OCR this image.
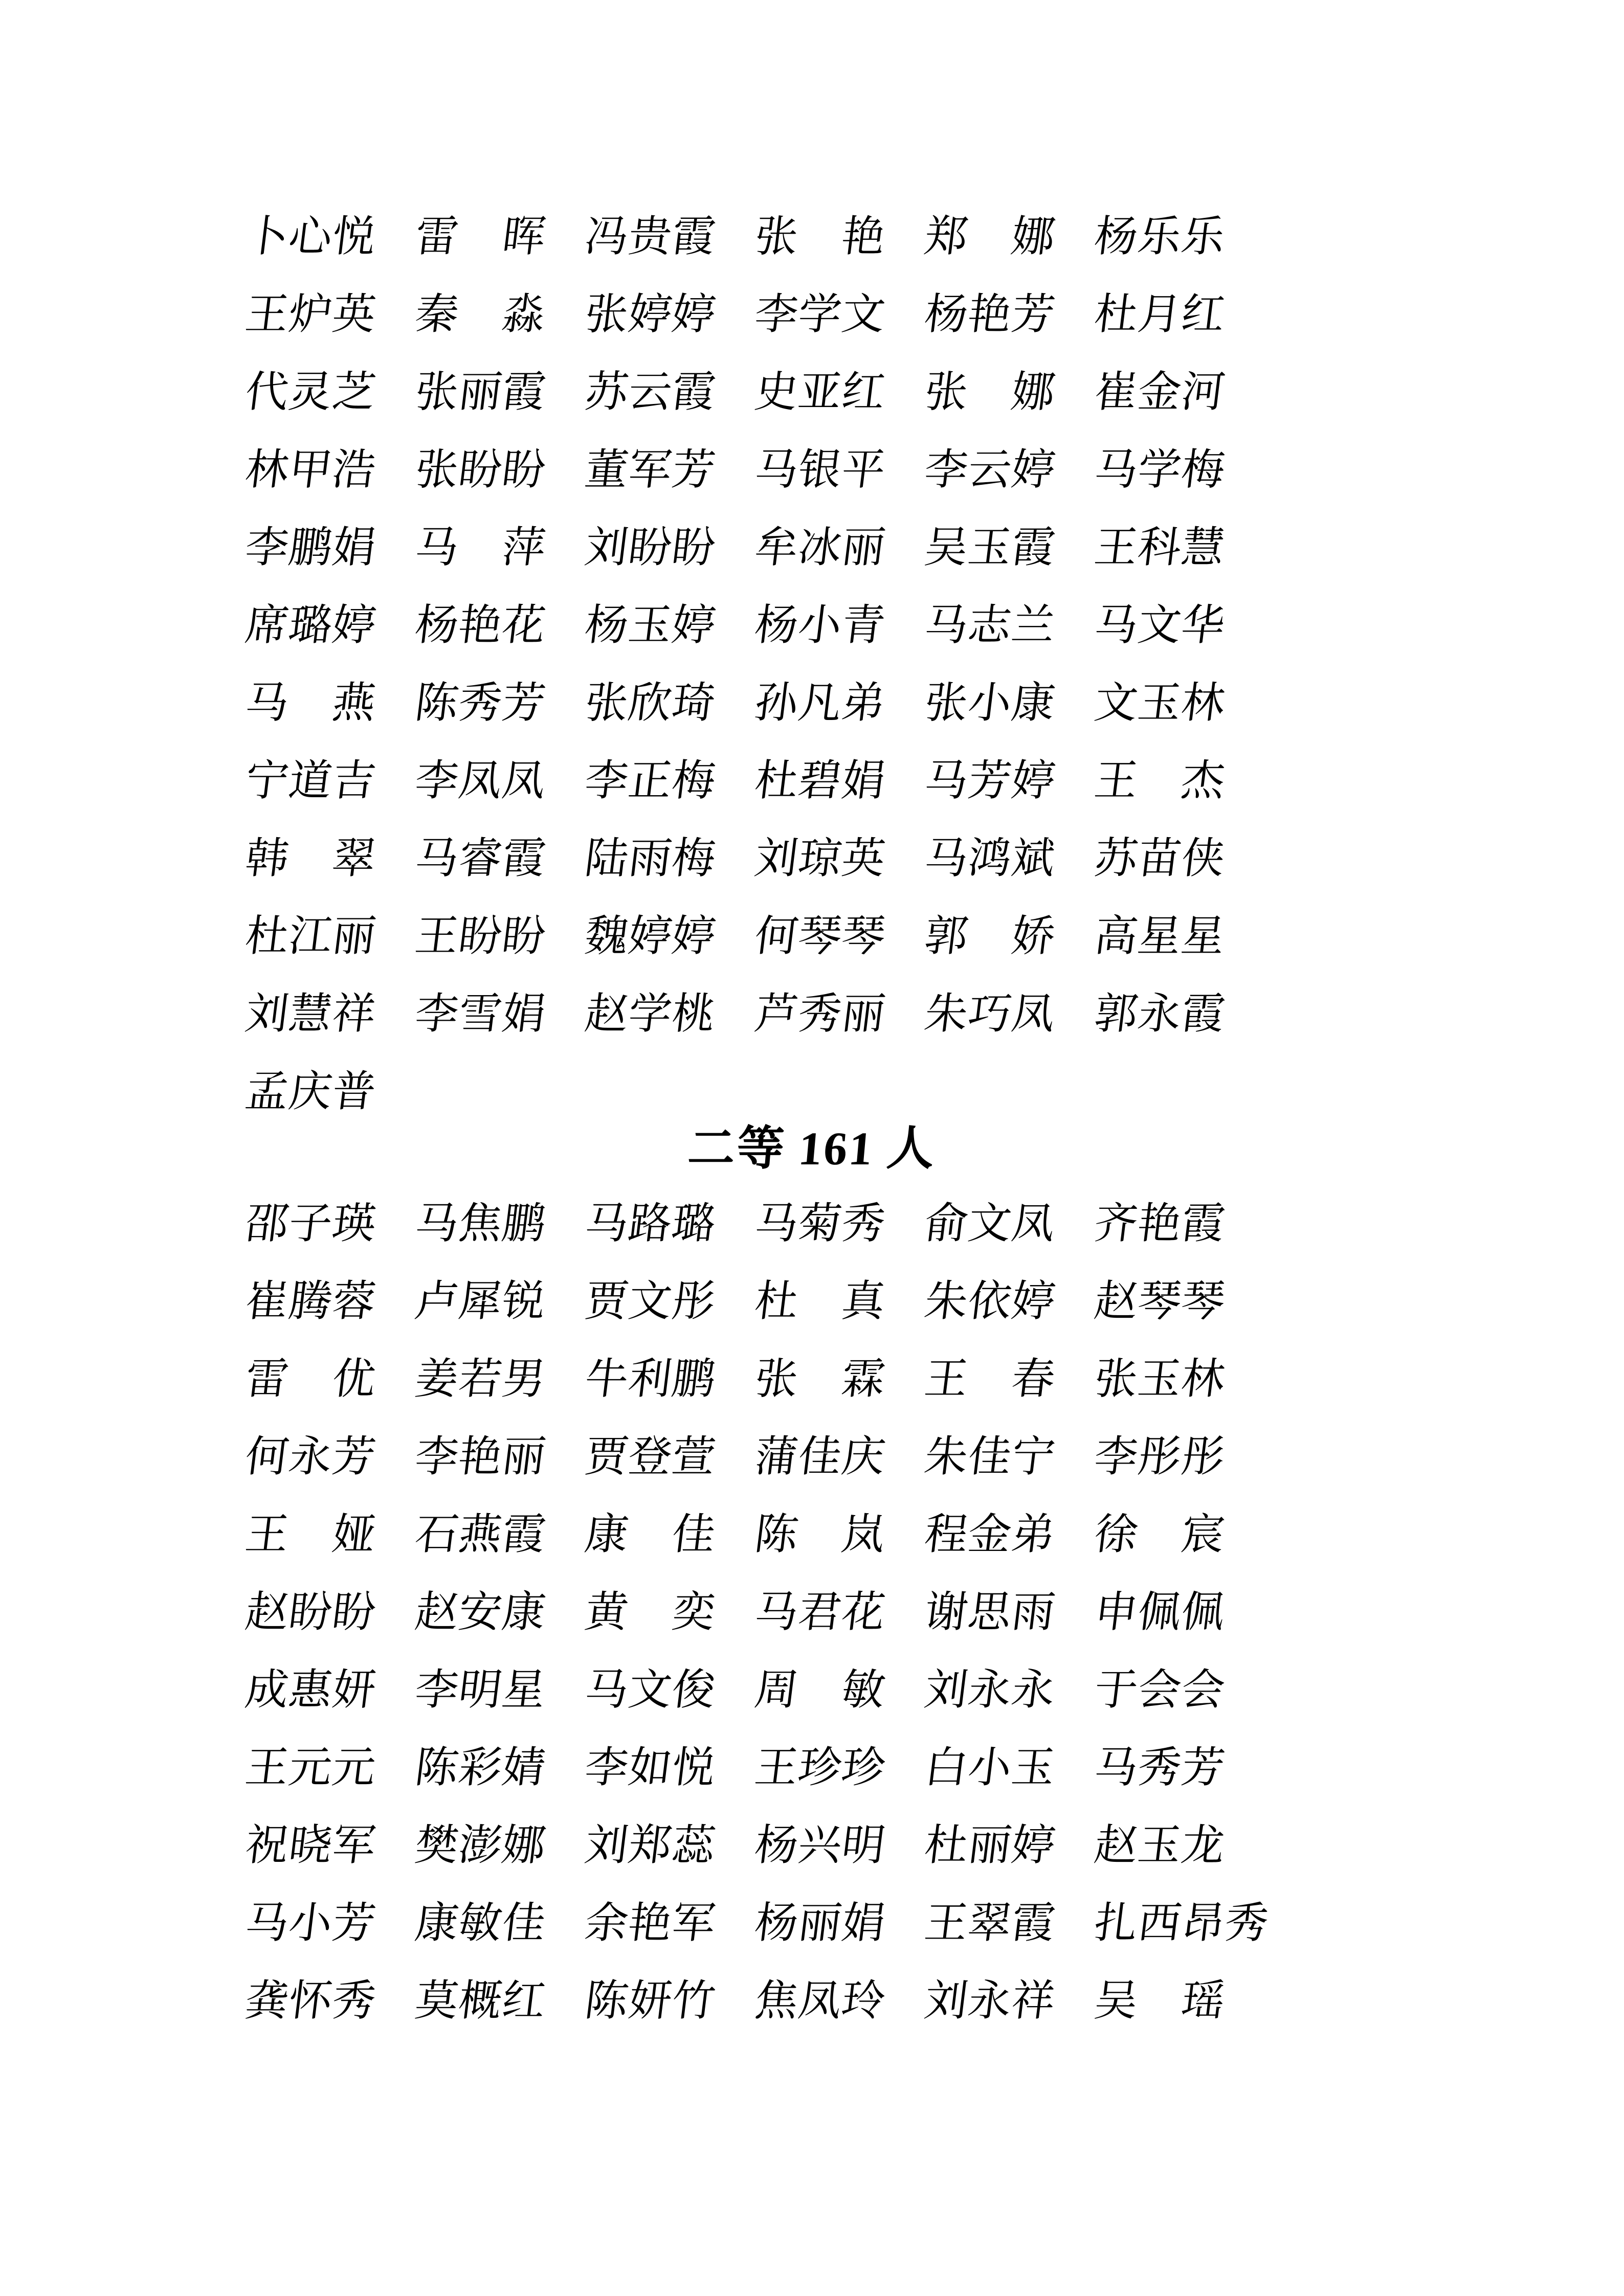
卜心悦 雷　晖 冯贵霞 张　艳 郑　娜 杨乐乐
王炉英 秦　淼 张婷婷 李学文 杨艳芳 杜月红
代灵芝 张丽霞 苏云霞 史亚红 张　娜 崔金河
林甲浩 张盼盼 董军芳 马银平 李云婷 马学梅
李鹏娟 马　萍 刘盼盼 牟冰丽 吴玉霞 王科慧
席璐婷 杨艳花 杨玉婷 杨小青 马志兰 马文华
马　燕 陈秀芳 张欣琦 孙凡弟 张小康 文玉林
宁道吉 李凤凤 李正梅 杜碧娟 马芳婷 王　杰
韩　翠 马睿霞 陆雨梅 刘琼英 马鸿斌 苏苗侠
杜江丽 王盼盼 魏婷婷 何琴琴 郭　娇 高星星
刘慧祥 李雪娟 赵学桃 芦秀丽 朱巧凤 郭永霞
孟庆普
二等 161 人
邵子瑛 马焦鹏 马路璐 马菊秀 俞文凤 齐艳霞
崔腾蓉 卢犀锐 贾文彤 杜　真 朱依婷 赵琴琴
雷　优 姜若男 牛利鹏 张　霖 王　春 张玉林
何永芳 李艳丽 贾登萱 蒲佳庆 朱佳宁 李彤彤
王　娅 石燕霞 康　佳 陈　岚 程金弟 徐　宸
赵盼盼 赵安康 黄　奕 马君花 谢思雨 申佩佩
成惠妍 李明星 马文俊 周　敏 刘永永 于会会
王元元 陈彩婧 李如悦 王珍珍 白小玉 马秀芳
祝晓军 樊澎娜 刘郑蕊 杨兴明 杜丽婷 赵玉龙
马小芳 康敏佳 余艳军 杨丽娟 王翠霞 扎西昂秀
龚怀秀 莫概红 陈妍竹 焦凤玲 刘永祥 吴　瑶
